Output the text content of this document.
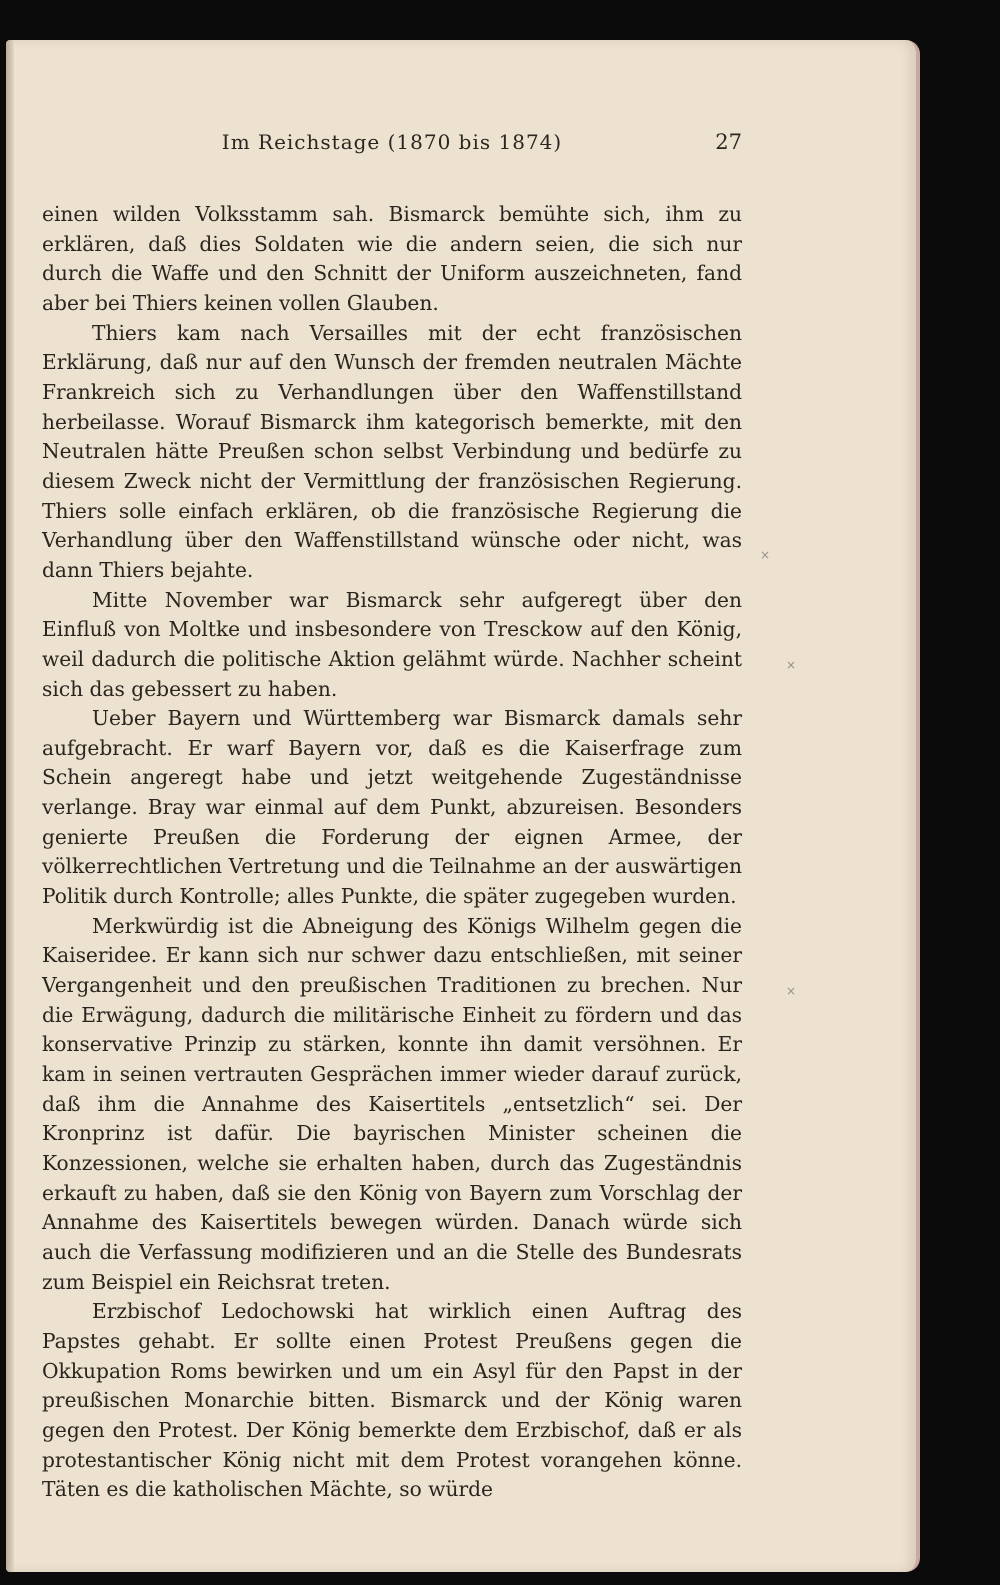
Im Reichstage (1870 bis 1874)	27

einen wilden Volksstamm sah. Bismarck bemühte sich, ihm zu erklären, daß dies Soldaten wie die andern seien, die sich nur durch die Waffe und den Schnitt der Uniform auszeichneten, fand aber bei Thiers keinen vollen Glauben.

Thiers kam nach Versailles mit der echt französischen Erklärung, daß nur auf den Wunsch der fremden neutralen Mächte Frankreich sich zu Verhandlungen über den Waffenstillstand herbeilasse. Worauf Bismarck ihm kategorisch bemerkte, mit den Neutralen hätte Preußen schon selbst Verbindung und bedürfe zu diesem Zweck nicht der Vermittlung der französischen Regierung. Thiers solle einfach erklären, ob die französische Regierung die Verhandlung über den Waffenstillstand wünsche oder nicht, was dann Thiers bejahte.

Mitte November war Bismarck sehr aufgeregt über den Einfluß von Moltke und insbesondere von Tresckow auf den König, weil dadurch die politische Aktion gelähmt würde. Nachher scheint sich das gebessert zu haben.

Ueber Bayern und Württemberg war Bismarck damals sehr aufgebracht. Er warf Bayern vor, daß es die Kaiserfrage zum Schein angeregt habe und jetzt weitgehende Zugeständnisse verlange. Bray war einmal auf dem Punkt, abzureisen. Besonders genierte Preußen die Forderung der eignen Armee, der völkerrechtlichen Vertretung und die Teilnahme an der auswärtigen Politik durch Kontrolle; alles Punkte, die später zugegeben wurden.

Merkwürdig ist die Abneigung des Königs Wilhelm gegen die Kaiseridee. Er kann sich nur schwer dazu entschließen, mit seiner Vergangenheit und den preußischen Traditionen zu brechen. Nur die Erwägung, dadurch die militärische Einheit zu fördern und das konservative Prinzip zu stärken, konnte ihn damit versöhnen. Er kam in seinen vertrauten Gesprächen immer wieder darauf zurück, daß ihm die Annahme des Kaisertitels „entsetzlich“ sei. Der Kronprinz ist dafür. Die bayrischen Minister scheinen die Konzessionen, welche sie erhalten haben, durch das Zugeständnis erkauft zu haben, daß sie den König von Bayern zum Vorschlag der Annahme des Kaisertitels bewegen würden. Danach würde sich auch die Verfassung modifizieren und an die Stelle des Bundesrats zum Beispiel ein Reichsrat treten.

Erzbischof Ledochowski hat wirklich einen Auftrag des Papstes gehabt. Er sollte einen Protest Preußens gegen die Okkupation Roms bewirken und um ein Asyl für den Papst in der preußischen Monarchie bitten. Bismarck und der König waren gegen den Protest. Der König bemerkte dem Erzbischof, daß er als protestantischer König nicht mit dem Protest vorangehen könne. Täten es die katholischen Mächte, so würde

×
×
×
